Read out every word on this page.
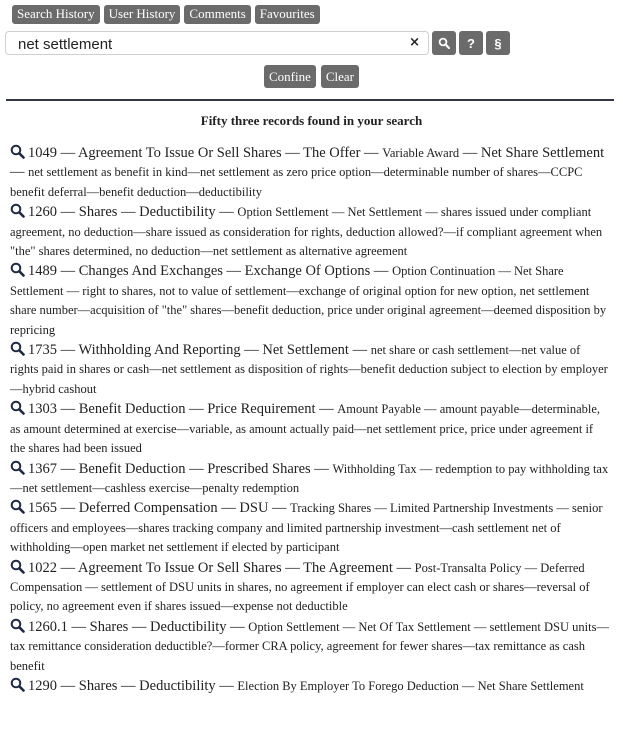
Search History	User History	Comments	Favourites
net settlement
×	?	§
Confine	Clear
Fifty three records found in your search
1049 — Agreement To Issue Or Sell Shares — The Offer — Variable Award — Net Share Settlement — net settlement as benefit in kind—net settlement as zero price option—determinable number of shares—CCPC benefit deferral—benefit deduction—deductibility
1260 — Shares — Deductibility — Option Settlement — Net Settlement — shares issued under compliant agreement, no deduction—share issued as consideration for rights, deduction allowed?—if compliant agreement when "the" shares determined, no deduction—net settlement as alternative agreement
1489 — Changes And Exchanges — Exchange Of Options — Option Continuation — Net Share Settlement — right to shares, not to value of settlement—exchange of original option for new option, net settlement share number—acquisition of "the" shares—benefit deduction, price under original agreement—deemed disposition by repricing
1735 — Withholding And Reporting — Net Settlement — net share or cash settlement—net value of rights paid in shares or cash—net settlement as disposition of rights—benefit deduction subject to election by employer—hybrid cashout
1303 — Benefit Deduction — Price Requirement — Amount Payable — amount payable—determinable, as amount determined at exercise—variable, as amount actually paid—net settlement price, price under agreement if the shares had been issued
1367 — Benefit Deduction — Prescribed Shares — Withholding Tax — redemption to pay withholding tax—net settlement—cashless exercise—penalty redemption
1565 — Deferred Compensation — DSU — Tracking Shares — Limited Partnership Investments — senior officers and employees—shares tracking company and limited partnership investment—cash settlement net of withholding—open market net settlement if elected by participant
1022 — Agreement To Issue Or Sell Shares — The Agreement — Post-Transalta Policy — Deferred Compensation — settlement of DSU units in shares, no agreement if employer can elect cash or shares—reversal of policy, no agreement even if shares issued—expense not deductible
1260.1 — Shares — Deductibility — Option Settlement — Net Of Tax Settlement — settlement DSU units—tax remittance consideration deductible?—former CRA policy, agreement for fewer shares—tax remittance as cash benefit
1290 — Shares — Deductibility — Election By Employer To Forego Deduction — Net Share Settlement
